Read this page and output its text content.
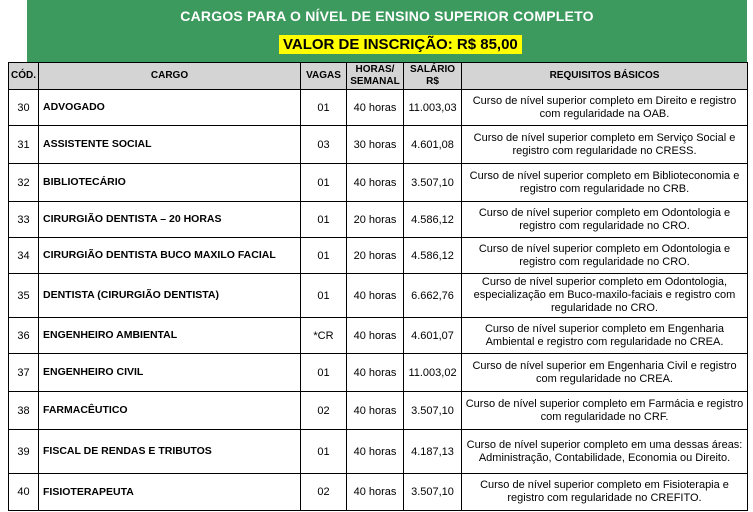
CARGOS PARA O NÍVEL DE ENSINO SUPERIOR COMPLETO
VALOR DE INSCRIÇÃO: R$ 85,00
CÓD.	CARGO	VAGAS	HORAS/ SEMANAL	SALÁRIO R$	REQUISITOS BÁSICOS
30	ADVOGADO	01	40 horas	11.003,03	Curso de nível superior completo em Direito e registro com regularidade na OAB.
31	ASSISTENTE SOCIAL	03	30 horas	4.601,08	Curso de nível superior completo em Serviço Social e registro com regularidade no CRESS.
32	BIBLIOTECÁRIO	01	40 horas	3.507,10	Curso de nível superior completo em Biblioteconomia e registro com regularidade no CRB.
33	CIRURGIÃO DENTISTA – 20 HORAS	01	20 horas	4.586,12	Curso de nível superior completo em Odontologia e registro com regularidade no CRO.
34	CIRURGIÃO DENTISTA BUCO MAXILO FACIAL	01	20 horas	4.586,12	Curso de nível superior completo em Odontologia e registro com regularidade no CRO.
35	DENTISTA (CIRURGIÃO DENTISTA)	01	40 horas	6.662,76	Curso de nível superior completo em Odontologia, especialização em Buco-maxilo-faciais e registro com regularidade no CRO.
36	ENGENHEIRO AMBIENTAL	*CR	40 horas	4.601,07	Curso de nível superior completo em Engenharia Ambiental e registro com regularidade no CREA.
37	ENGENHEIRO CIVIL	01	40 horas	11.003,02	Curso de nível superior em Engenharia Civil e registro com regularidade no CREA.
38	FARMACÊUTICO	02	40 horas	3.507,10	Curso de nível superior completo em Farmácia e registro com regularidade no CRF.
39	FISCAL DE RENDAS E TRIBUTOS	01	40 horas	4.187,13	Curso de nível superior completo em uma dessas áreas: Administração, Contabilidade, Economia ou Direito.
40	FISIOTERAPEUTA	02	40 horas	3.507,10	Curso de nível superior completo em Fisioterapia e registro com regularidade no CREFITO.
